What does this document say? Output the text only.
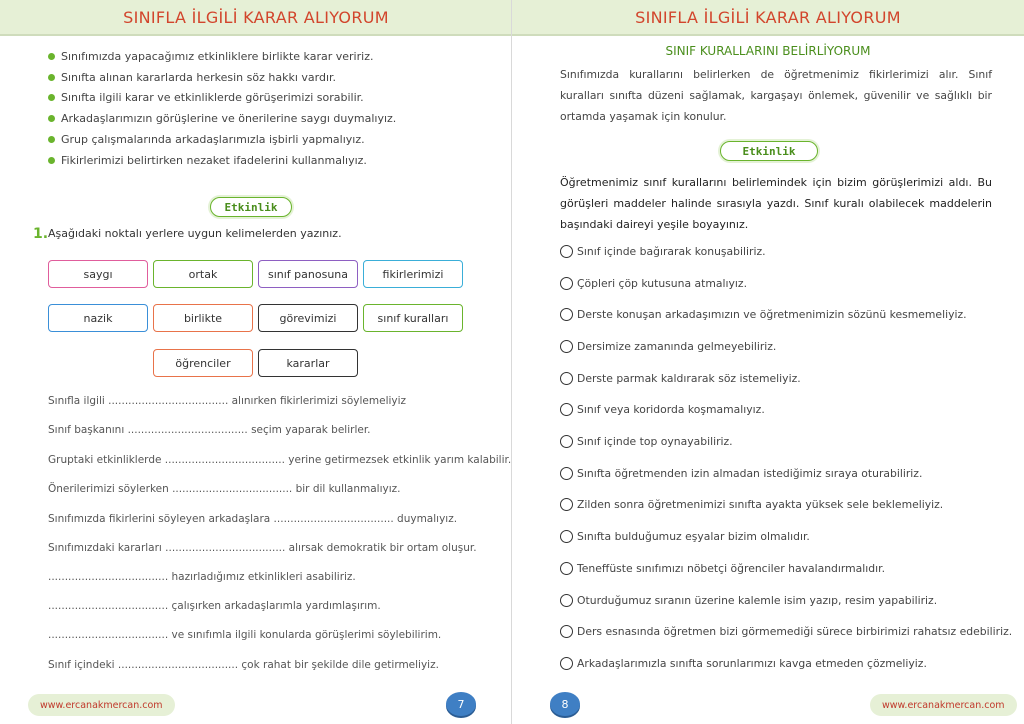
SINIFLA İLGİLİ KARAR ALIYORUM
Sınıfımızda yapacağımız etkinliklere birlikte karar veririz.
Sınıfta alınan kararlarda herkesin söz hakkı vardır.
Sınıfta ilgili karar ve etkinliklerde görüşerimizi sorabilir.
Arkadaşlarımızın görüşlerine ve önerilerine saygı duymalıyız.
Grup çalışmalarında arkadaşlarımızla işbirli yapmalıyız.
Fikirlerimizi belirtirken nezaket ifadelerini kullanmalıyız.
Etkinlik
1. Aşağıdaki noktalı yerlere uygun kelimelerden yazınız.
saygı	ortak	sınıf panosuna	fikirlerimizi
nazik	birlikte	görevimizi	sınıf kuralları
öğrenciler	kararlar
Sınıfla ilgili .................................... alınırken fikirlerimizi söylemeliyiz
Sınıf başkanını .................................... seçim yaparak belirler.
Gruptaki etkinliklerde .................................... yerine getirmezsek etkinlik yarım kalabilir.
Önerilerimizi söylerken .................................... bir dil kullanmalıyız.
Sınıfımızda fikirlerini söyleyen arkadaşlara .................................... duymalıyız.
Sınıfımızdaki kararları .................................... alırsak demokratik bir ortam oluşur.
.................................... hazırladığımız etkinlikleri asabiliriz.
.................................... çalışırken arkadaşlarımla yardımlaşırım.
.................................... ve sınıfımla ilgili konularda görüşlerimi söylebilirim.
Sınıf içindeki .................................... çok rahat bir şekilde dile getirmeliyiz.
www.ercanakmercan.com	7
SINIFLA İLGİLİ KARAR ALIYORUM
SINIF KURALLARINI BELİRLİYORUM
Sınıfımızda kurallarını belirlerken de öğretmenimiz fikirlerimizi alır. Sınıf kuralları sınıfta düzeni sağlamak, kargaşayı önlemek, güvenilir ve sağlıklı bir ortamda yaşamak için konulur.
Etkinlik
Öğretmenimiz sınıf kurallarını belirlemindek için bizim görüşlerimizi aldı. Bu görüşleri maddeler halinde sırasıyla yazdı. Sınıf kuralı olabilecek maddelerin başındaki daireyi yeşile boyayınız.
Sınıf içinde bağırarak konuşabiliriz.
Çöpleri çöp kutusuna atmalıyız.
Derste konuşan arkadaşımızın ve öğretmenimizin sözünü kesmemeliyiz.
Dersimize zamanında gelmeyebiliriz.
Derste parmak kaldırarak söz istemeliyiz.
Sınıf veya koridorda koşmamalıyız.
Sınıf içinde top oynayabiliriz.
Sınıfta öğretmenden izin almadan istediğimiz sıraya oturabiliriz.
Zilden sonra öğretmenimizi sınıfta ayakta yüksek sele beklemeliyiz.
Sınıfta bulduğumuz eşyalar bizim olmalıdır.
Teneffüste sınıfımızı nöbetçi öğrenciler havalandırmalıdır.
Oturduğumuz sıranın üzerine kalemle isim yazıp, resim yapabiliriz.
Ders esnasında öğretmen bizi görmemediği sürece birbirimizi rahatsız edebiliriz.
Arkadaşlarımızla sınıfta sorunlarımızı kavga etmeden çözmeliyiz.
8	www.ercanakmercan.com
